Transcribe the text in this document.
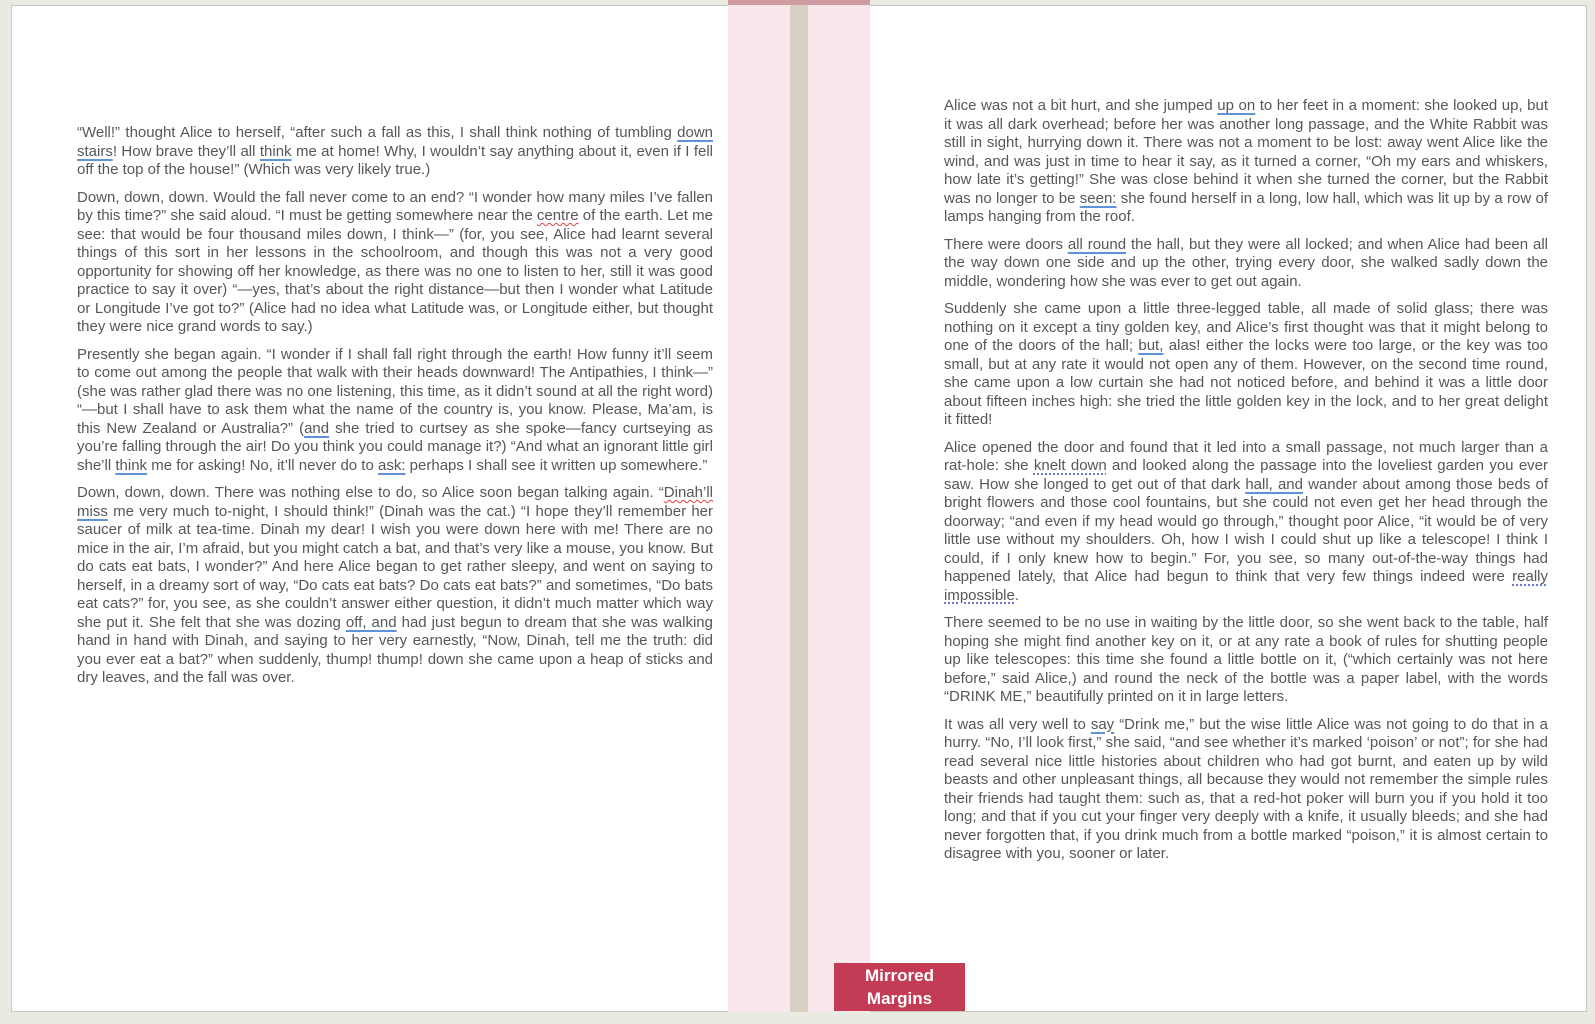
“Well!” thought Alice to herself, “after such a fall as this, I shall think nothing of tumbling down stairs! How brave they’ll all think me at home! Why, I wouldn’t say anything about it, even if I fell off the top of the house!” (Which was very likely true.)

Down, down, down. Would the fall never come to an end? “I wonder how many miles I’ve fallen by this time?” she said aloud. “I must be getting somewhere near the centre of the earth. Let me see: that would be four thousand miles down, I think—” (for, you see, Alice had learnt several things of this sort in her lessons in the schoolroom, and though this was not a very good opportunity for showing off her knowledge, as there was no one to listen to her, still it was good practice to say it over) “—yes, that’s about the right distance—but then I wonder what Latitude or Longitude I’ve got to?” (Alice had no idea what Latitude was, or Longitude either, but thought they were nice grand words to say.)

Presently she began again. “I wonder if I shall fall right through the earth! How funny it’ll seem to come out among the people that walk with their heads downward! The Antipathies, I think—” (she was rather glad there was no one listening, this time, as it didn’t sound at all the right word) “—but I shall have to ask them what the name of the country is, you know. Please, Ma’am, is this New Zealand or Australia?” (and she tried to curtsey as she spoke—fancy curtseying as you’re falling through the air! Do you think you could manage it?) “And what an ignorant little girl she’ll think me for asking! No, it’ll never do to ask: perhaps I shall see it written up somewhere.”

Down, down, down. There was nothing else to do, so Alice soon began talking again. “Dinah’ll miss me very much to-night, I should think!” (Dinah was the cat.) “I hope they’ll remember her saucer of milk at tea-time. Dinah my dear! I wish you were down here with me! There are no mice in the air, I’m afraid, but you might catch a bat, and that’s very like a mouse, you know. But do cats eat bats, I wonder?” And here Alice began to get rather sleepy, and went on saying to herself, in a dreamy sort of way, “Do cats eat bats? Do cats eat bats?” and sometimes, “Do bats eat cats?” for, you see, as she couldn’t answer either question, it didn’t much matter which way she put it. She felt that she was dozing off, and had just begun to dream that she was walking hand in hand with Dinah, and saying to her very earnestly, “Now, Dinah, tell me the truth: did you ever eat a bat?” when suddenly, thump! thump! down she came upon a heap of sticks and dry leaves, and the fall was over.

Alice was not a bit hurt, and she jumped up on to her feet in a moment: she looked up, but it was all dark overhead; before her was another long passage, and the White Rabbit was still in sight, hurrying down it. There was not a moment to be lost: away went Alice like the wind, and was just in time to hear it say, as it turned a corner, “Oh my ears and whiskers, how late it’s getting!” She was close behind it when she turned the corner, but the Rabbit was no longer to be seen: she found herself in a long, low hall, which was lit up by a row of lamps hanging from the roof.

There were doors all round the hall, but they were all locked; and when Alice had been all the way down one side and up the other, trying every door, she walked sadly down the middle, wondering how she was ever to get out again.

Suddenly she came upon a little three-legged table, all made of solid glass; there was nothing on it except a tiny golden key, and Alice’s first thought was that it might belong to one of the doors of the hall; but, alas! either the locks were too large, or the key was too small, but at any rate it would not open any of them. However, on the second time round, she came upon a low curtain she had not noticed before, and behind it was a little door about fifteen inches high: she tried the little golden key in the lock, and to her great delight it fitted!

Alice opened the door and found that it led into a small passage, not much larger than a rat-hole: she knelt down and looked along the passage into the loveliest garden you ever saw. How she longed to get out of that dark hall, and wander about among those beds of bright flowers and those cool fountains, but she could not even get her head through the doorway; “and even if my head would go through,” thought poor Alice, “it would be of very little use without my shoulders. Oh, how I wish I could shut up like a telescope! I think I could, if I only knew how to begin.” For, you see, so many out-of-the-way things had happened lately, that Alice had begun to think that very few things indeed were really impossible.

There seemed to be no use in waiting by the little door, so she went back to the table, half hoping she might find another key on it, or at any rate a book of rules for shutting people up like telescopes: this time she found a little bottle on it, (“which certainly was not here before,” said Alice,) and round the neck of the bottle was a paper label, with the words “DRINK ME,” beautifully printed on it in large letters.

It was all very well to say “Drink me,” but the wise little Alice was not going to do that in a hurry. “No, I’ll look first,” she said, “and see whether it’s marked ‘poison’ or not”; for she had read several nice little histories about children who had got burnt, and eaten up by wild beasts and other unpleasant things, all because they would not remember the simple rules their friends had taught them: such as, that a red-hot poker will burn you if you hold it too long; and that if you cut your finger very deeply with a knife, it usually bleeds; and she had never forgotten that, if you drink much from a bottle marked “poison,” it is almost certain to disagree with you, sooner or later.

Mirrored
Margins
